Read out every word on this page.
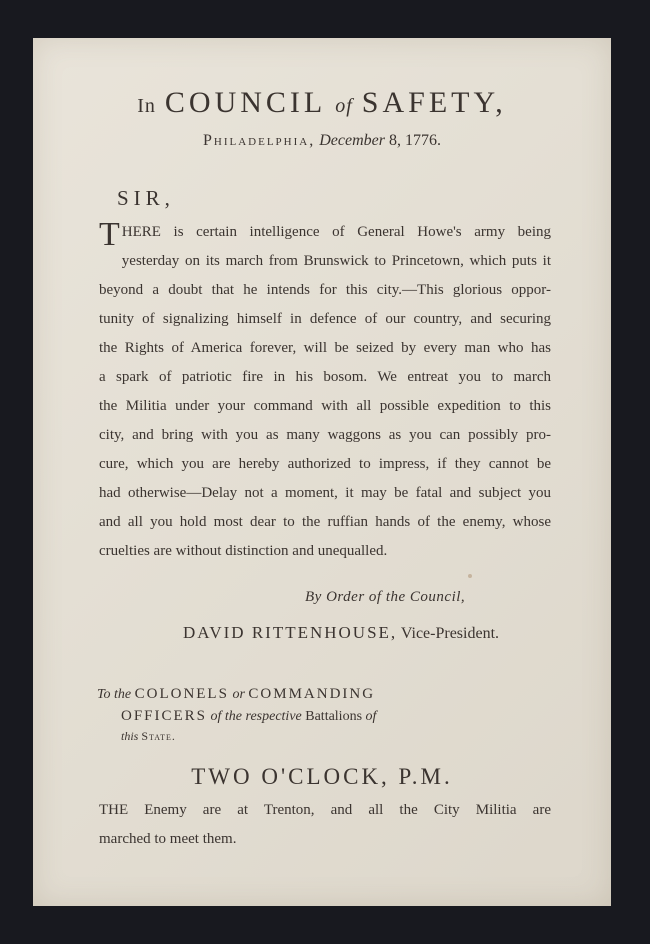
In COUNCIL of SAFETY,
Philadelphia, December 8, 1776.
SIR,
THERE is certain intelligence of General Howe's army being
yesterday on its march from Brunswick to Princetown, which puts it
beyond a doubt that he intends for this city.—This glorious oppor-
tunity of signalizing himself in defence of our country, and securing
the Rights of America forever, will be seized by every man who has
a spark of patriotic fire in his bosom. We entreat you to march
the Militia under your command with all possible expedition to this
city, and bring with you as many waggons as you can possibly pro-
cure, which you are hereby authorized to impress, if they cannot be
had otherwise—Delay not a moment, it may be fatal and subject you
and all you hold most dear to the ruffian hands of the enemy, whose
cruelties are without distinction and unequalled.
By Order of the Council,
DAVID RITTENHOUSE, Vice-President.
To the COLONELS or COMMANDING
OFFICERS of the respective Battalions of
this State.
TWO O'CLOCK, P.M.
THE Enemy are at Trenton, and all the City Militia are
marched to meet them.
